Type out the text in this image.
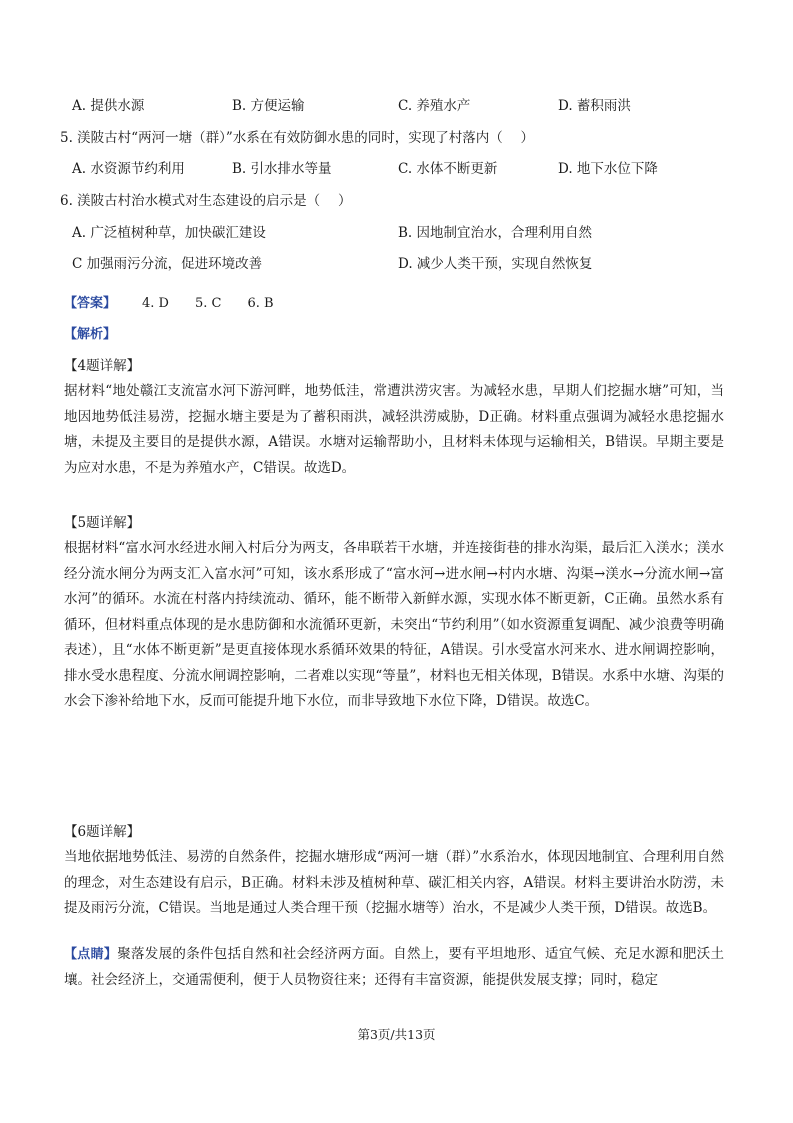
A. 提供水源	B. 方便运输	C. 养殖水产	D. 蓄积雨洪
5. 渼陂古村“两河一塘（群）”水系在有效防御水患的同时，实现了村落内（　 ）
A. 水资源节约利用	B. 引水排水等量	C. 水体不断更新	D. 地下水位下降
6. 渼陂古村治水模式对生态建设的启示是（　 ）
A. 广泛植树种草，加快碳汇建设	B. 因地制宜治水，合理利用自然
C 加强雨污分流，促进环境改善	D. 减少人类干预，实现自然恢复
【答案】 4. D 5. C 6. B
【解析】
【4题详解】
据材料“地处赣江支流富水河下游河畔，地势低洼，常遭洪涝灾害。为减轻水患，早期人们挖掘水塘”可知，当地因地势低洼易涝，挖掘水塘主要是为了蓄积雨洪，减轻洪涝威胁，D正确。材料重点强调为减轻水患挖掘水塘，未提及主要目的是提供水源，A错误。水塘对运输帮助小，且材料未体现与运输相关，B错误。早期主要是为应对水患，不是为养殖水产，C错误。故选D。
【5题详解】
根据材料“富水河水经进水闸入村后分为两支，各串联若干水塘，并连接街巷的排水沟渠，最后汇入渼水；渼水经分流水闸分为两支汇入富水河”可知，该水系形成了“富水河→进水闸→村内水塘、沟渠→渼水→分流水闸→富水河”的循环。水流在村落内持续流动、循环，能不断带入新鲜水源，实现水体不断更新，C正确。虽然水系有循环，但材料重点体现的是水患防御和水流循环更新，未突出“节约利用”（如水资源重复调配、减少浪费等明确表述），且“水体不断更新”是更直接体现水系循环效果的特征，A错误。引水受富水河来水、进水闸调控影响，排水受水患程度、分流水闸调控影响，二者难以实现“等量”，材料也无相关体现，B错误。水系中水塘、沟渠的水会下渗补给地下水，反而可能提升地下水位，而非导致地下水位下降，D错误。故选C。
【6题详解】
当地依据地势低洼、易涝的自然条件，挖掘水塘形成“两河一塘（群）”水系治水，体现因地制宜、合理利用自然的理念，对生态建设有启示，B正确。材料未涉及植树种草、碳汇相关内容，A错误。材料主要讲治水防涝，未提及雨污分流，C错误。当地是通过人类合理干预（挖掘水塘等）治水，不是减少人类干预，D错误。故选B。
【点睛】聚落发展的条件包括自然和社会经济两方面。自然上，要有平坦地形、适宜气候、充足水源和肥沃土壤。社会经济上，交通需便利，便于人员物资往来；还得有丰富资源，能提供发展支撑；同时，稳定
第3页/共13页
